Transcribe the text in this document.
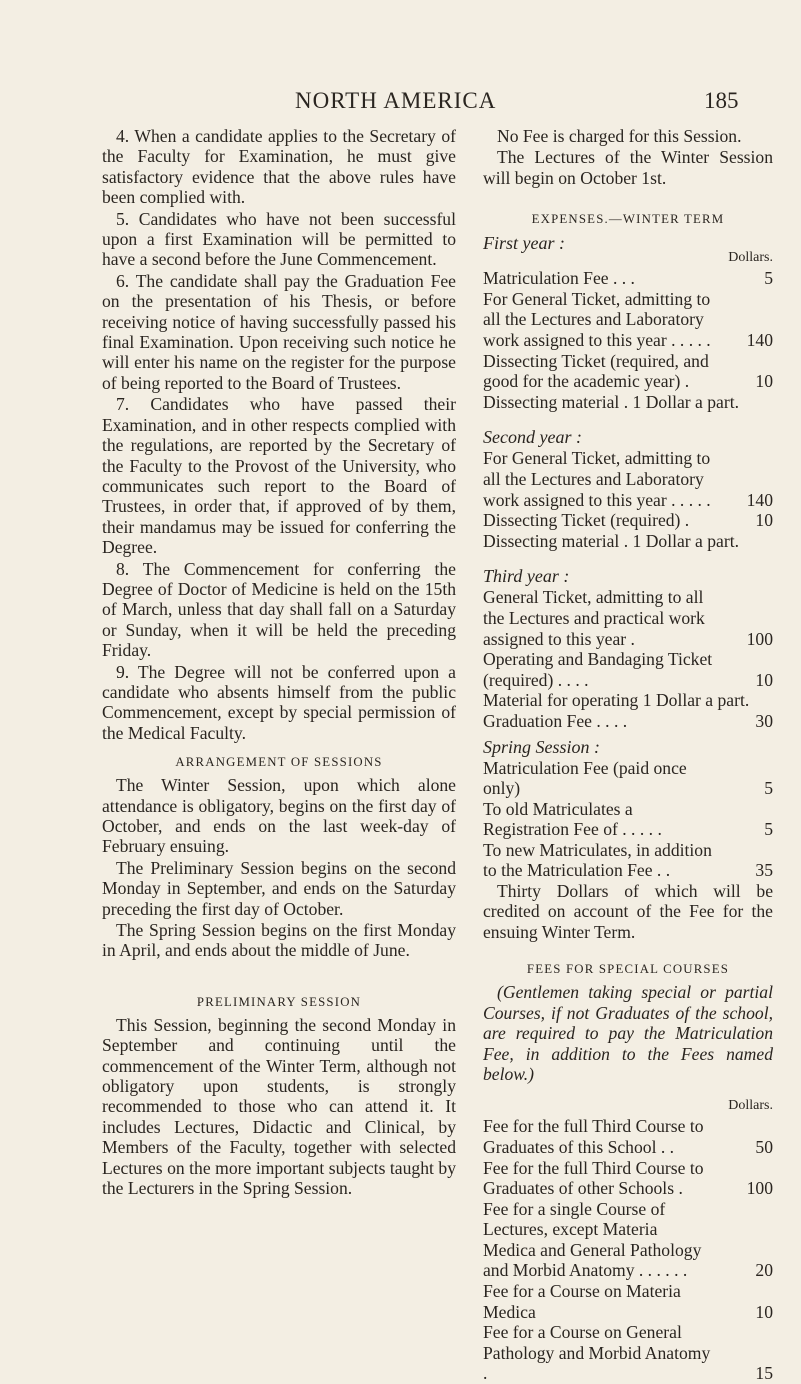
NORTH AMERICA	185

4. When a candidate applies to the Secretary of the Faculty for Examination, he must give satisfactory evidence that the above rules have been complied with.

5. Candidates who have not been successful upon a first Examination will be permitted to have a second before the June Commencement.

6. The candidate shall pay the Graduation Fee on the presentation of his Thesis, or before receiving notice of having successfully passed his final Examination. Upon receiving such notice he will enter his name on the register for the purpose of being reported to the Board of Trustees.

7. Candidates who have passed their Examination, and in other respects complied with the regulations, are reported by the Secretary of the Faculty to the Provost of the University, who communicates such report to the Board of Trustees, in order that, if approved of by them, their mandamus may be issued for conferring the Degree.

8. The Commencement for conferring the Degree of Doctor of Medicine is held on the 15th of March, unless that day shall fall on a Saturday or Sunday, when it will be held the preceding Friday.

9. The Degree will not be conferred upon a candidate who absents himself from the public Commencement, except by special permission of the Medical Faculty.

ARRANGEMENT OF SESSIONS

The Winter Session, upon which alone attendance is obligatory, begins on the first day of October, and ends on the last week-day of February ensuing.

The Preliminary Session begins on the second Monday in September, and ends on the Saturday preceding the first day of October.

The Spring Session begins on the first Monday in April, and ends about the middle of June.

PRELIMINARY SESSION

This Session, beginning the second Monday in September and continuing until the commencement of the Winter Term, although not obligatory upon students, is strongly recommended to those who can attend it. It includes Lectures, Didactic and Clinical, by Members of the Faculty, together with selected Lectures on the more important subjects taught by the Lecturers in the Spring Session.

No Fee is charged for this Session.

The Lectures of the Winter Session will begin on October 1st.

EXPENSES.—WINTER TERM
First year :
Dollars.
Matriculation Fee . . .	5
For General Ticket, admitting to all the Lectures and Laboratory work assigned to this year . . . . .	140
Dissecting Ticket (required, and good for the academic year) .	10
Dissecting material . 1 Dollar a part.
Second year :
For General Ticket, admitting to all the Lectures and Laboratory work assigned to this year . . . . .	140
Dissecting Ticket (required) .	10
Dissecting material . 1 Dollar a part.
Third year :
General Ticket, admitting to all the Lectures and practical work assigned to this year .	100
Operating and Bandaging Ticket (required) . . . .	10
Material for operating 1 Dollar a part.
Graduation Fee . . . .	30
Spring Session :
Matriculation Fee (paid once only)	5
To old Matriculates a Registration Fee of . . . . .	5
To new Matriculates, in addition to the Matriculation Fee . .	35

Thirty Dollars of which will be credited on account of the Fee for the ensuing Winter Term.

FEES FOR SPECIAL COURSES

(Gentlemen taking special or partial Courses, if not Graduates of the school, are required to pay the Matriculation Fee, in addition to the Fees named below.)

Dollars.
Fee for the full Third Course to Graduates of this School . .	50
Fee for the full Third Course to Graduates of other Schools .	100
Fee for a single Course of Lectures, except Materia Medica and General Pathology and Morbid Anatomy . . . . . .	20
Fee for a Course on Materia Medica	10
Fee for a Course on General Pathology and Morbid Anatomy .	15
